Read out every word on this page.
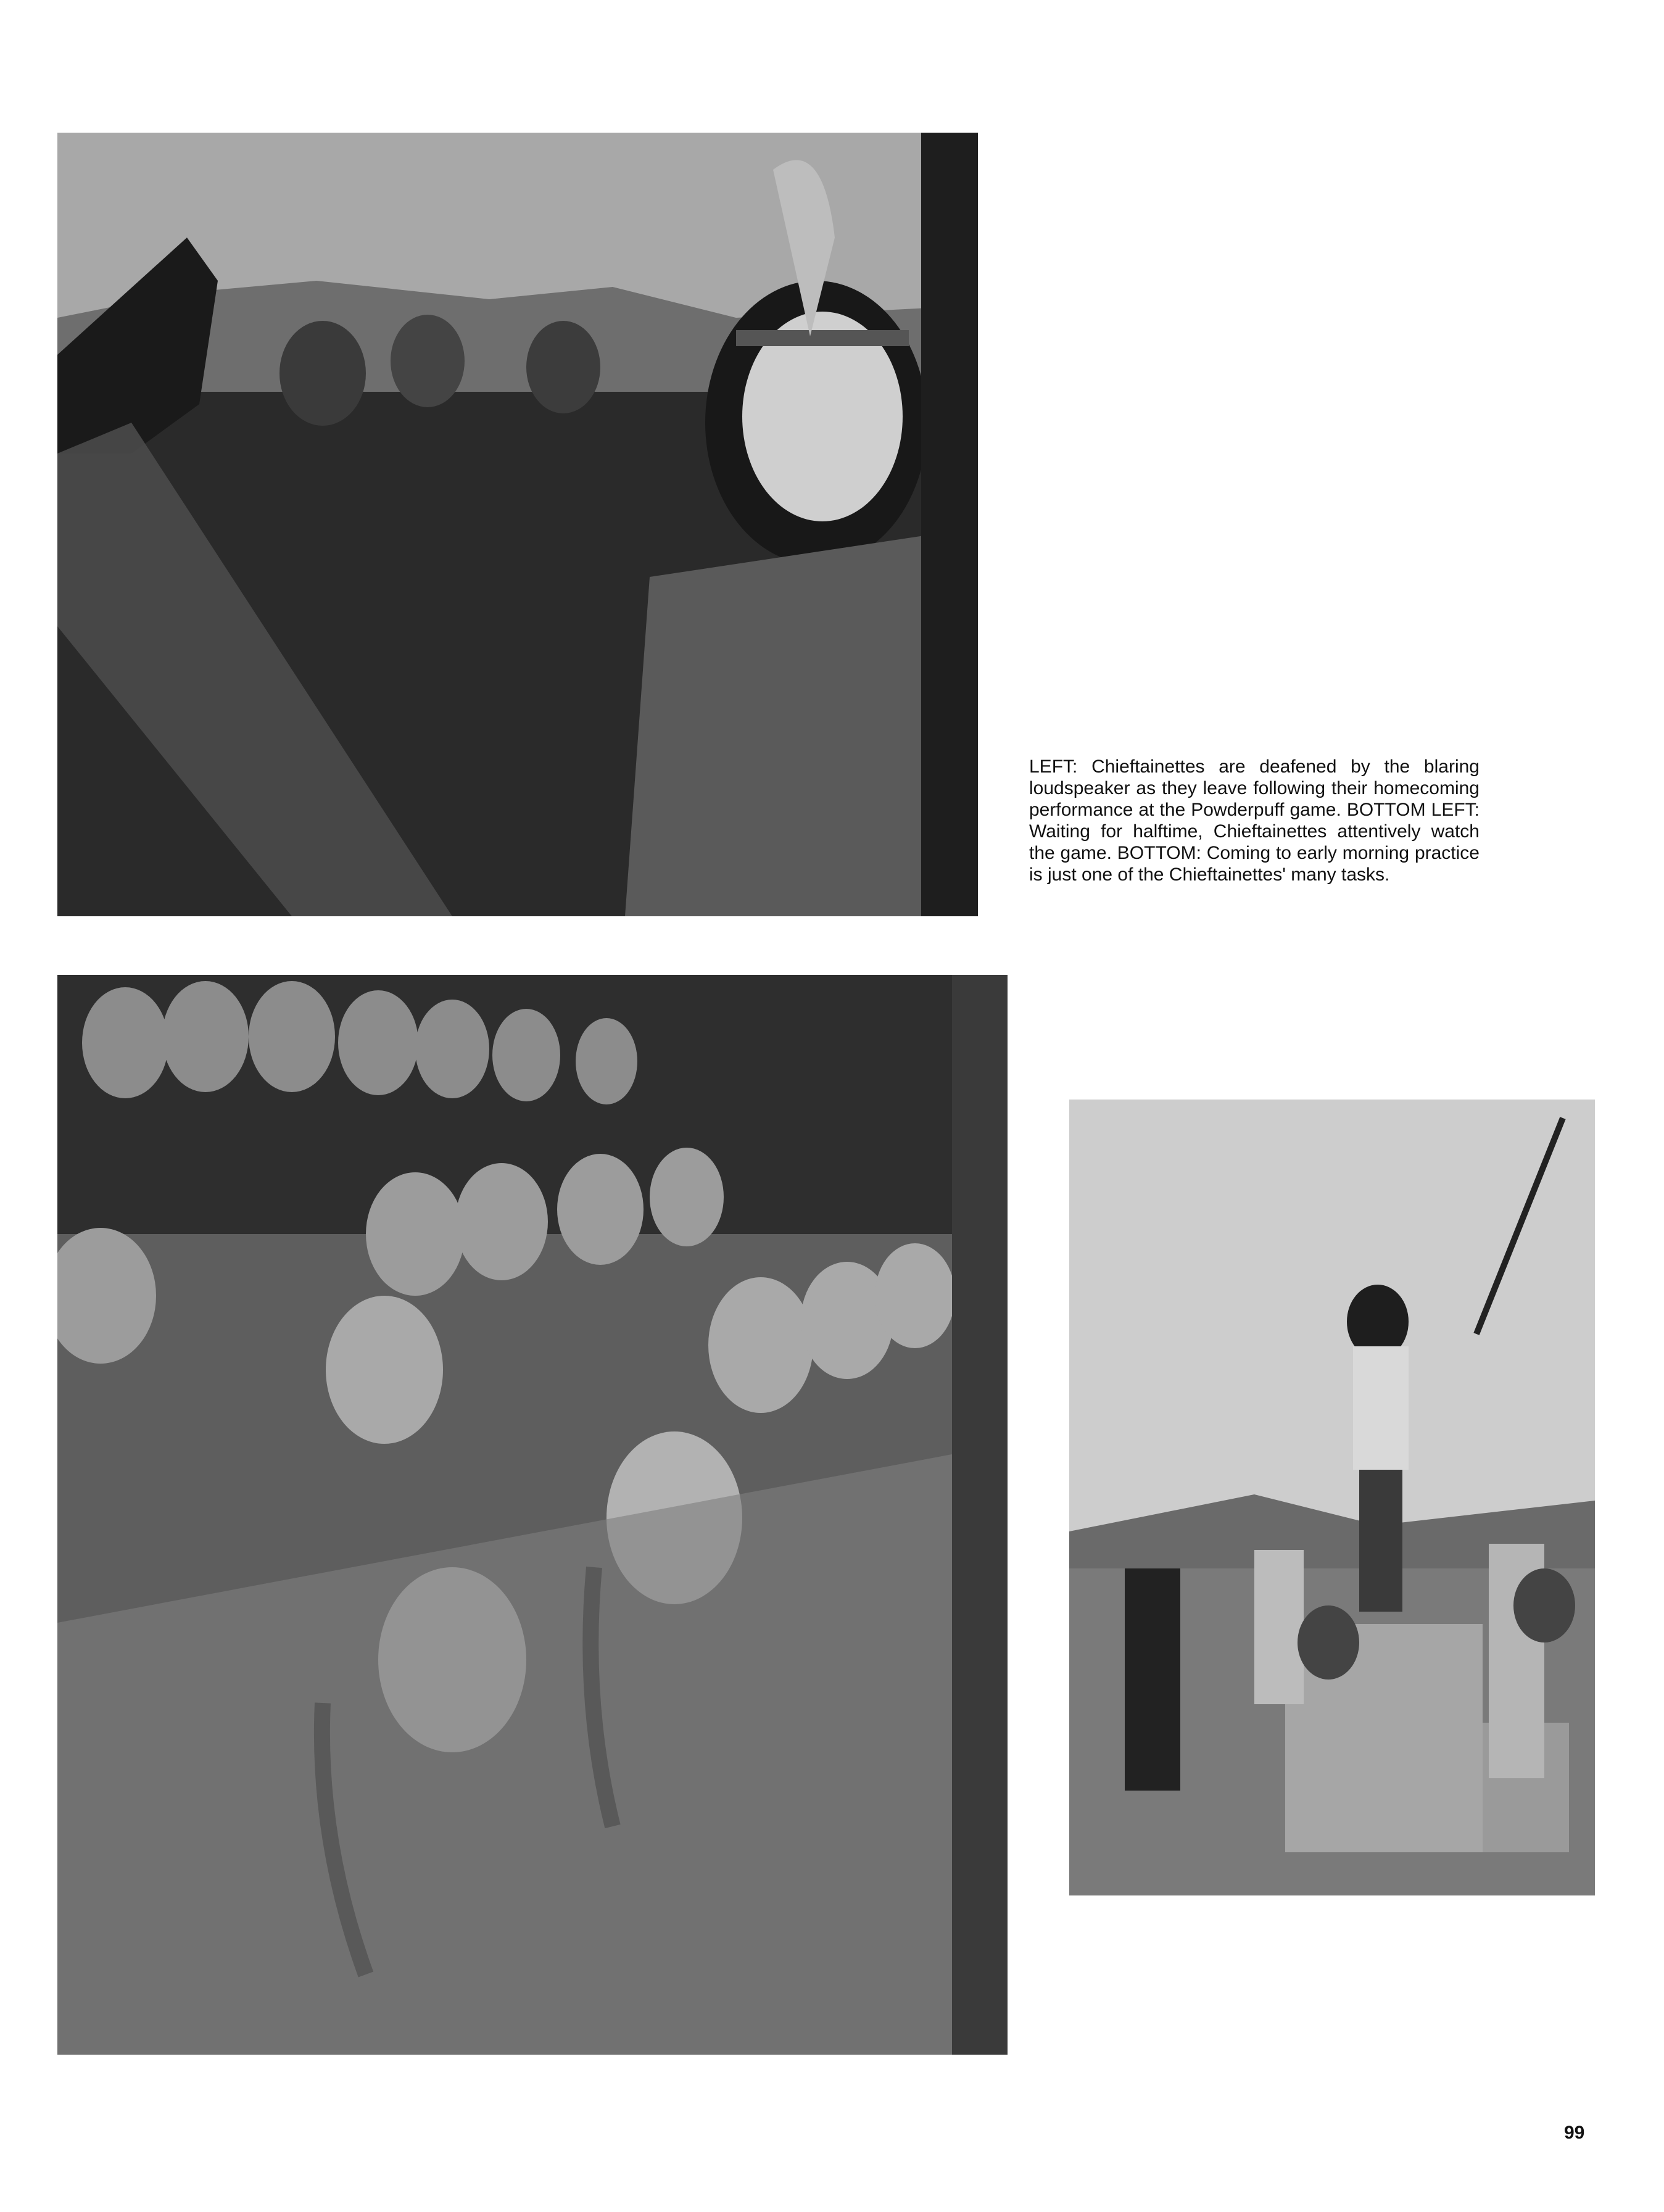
LEFT: Chieftainettes are deafened by the blaring loudspeaker as they leave following their homecoming performance at the Powderpuff game. BOTTOM LEFT: Waiting for halftime, Chieftainettes attentively watch the game. BOTTOM: Coming to early morning practice is just one of the Chieftainettes' many tasks.

99
